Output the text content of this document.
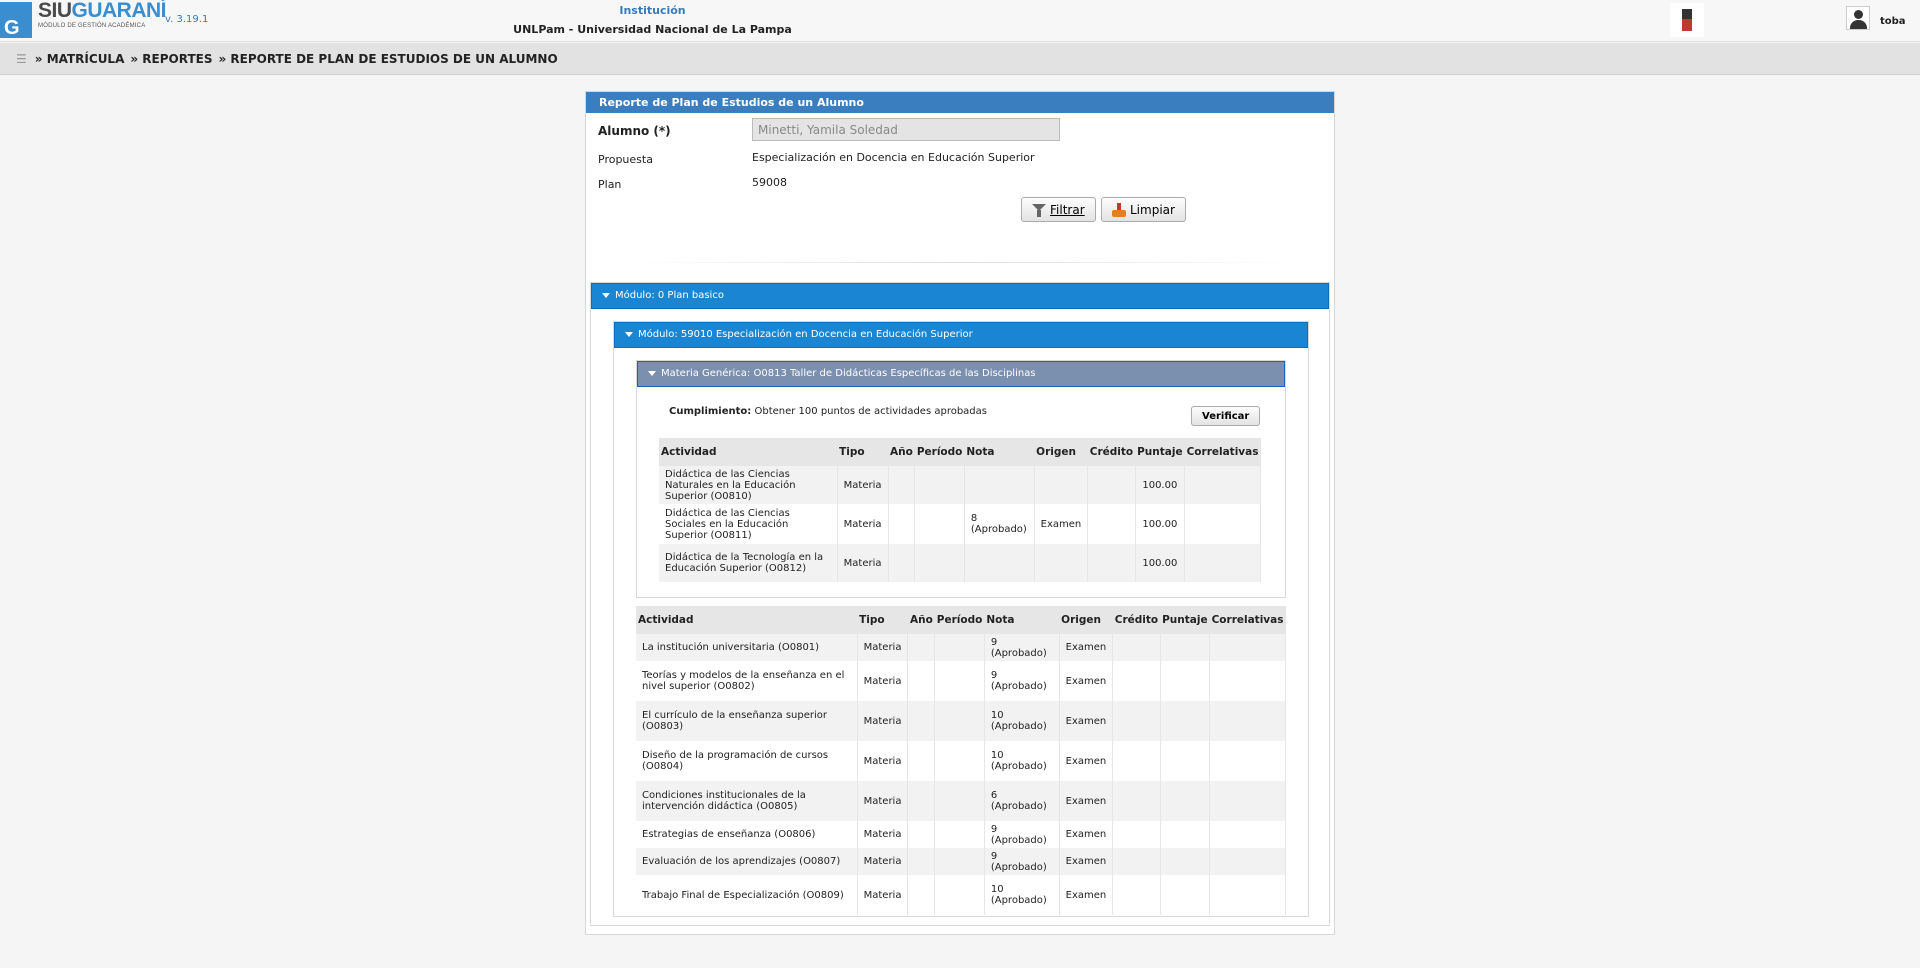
G
SIUGUARANÍ
MÓDULO DE GESTIÓN ACADÉMICA
v. 3.19.1
Institución
UNLPam - Universidad Nacional de La Pampa
toba
☰ » MATRÍCULA » REPORTES » REPORTE DE PLAN DE ESTUDIOS DE UN ALUMNO
Reporte de Plan de Estudios de un Alumno
Alumno (*)
Minetti, Yamila Soledad
Propuesta	Especialización en Docencia en Educación Superior
Plan	59008
Filtrar	Limpiar
Módulo: 0 Plan basico
Módulo: 59010 Especialización en Docencia en Educación Superior
Materia Genérica: O0813 Taller de Didácticas Específicas de las Disciplinas
Cumplimiento: Obtener 100 puntos de actividades aprobadas	Verificar
Actividad	Tipo	Año	Período	Nota	Origen	Crédito	Puntaje	Correlativas
Didáctica de las Ciencias Naturales en la Educación Superior (O0810)	Materia						100.00	
Didáctica de las Ciencias Sociales en la Educación Superior (O0811)	Materia			8 (Aprobado)	Examen		100.00	
Didáctica de la Tecnología en la Educación Superior (O0812)	Materia						100.00	
Actividad	Tipo	Año	Período	Nota	Origen	Crédito	Puntaje	Correlativas
La institución universitaria (O0801)	Materia			9 (Aprobado)	Examen			
Teorías y modelos de la enseñanza en el nivel superior (O0802)	Materia			9 (Aprobado)	Examen			
El currículo de la enseñanza superior (O0803)	Materia			10 (Aprobado)	Examen			
Diseño de la programación de cursos (O0804)	Materia			10 (Aprobado)	Examen			
Condiciones institucionales de la intervención didáctica (O0805)	Materia			6 (Aprobado)	Examen			
Estrategias de enseñanza (O0806)	Materia			9 (Aprobado)	Examen			
Evaluación de los aprendizajes (O0807)	Materia			9 (Aprobado)	Examen			
Trabajo Final de Especialización (O0809)	Materia			10 (Aprobado)	Examen			
